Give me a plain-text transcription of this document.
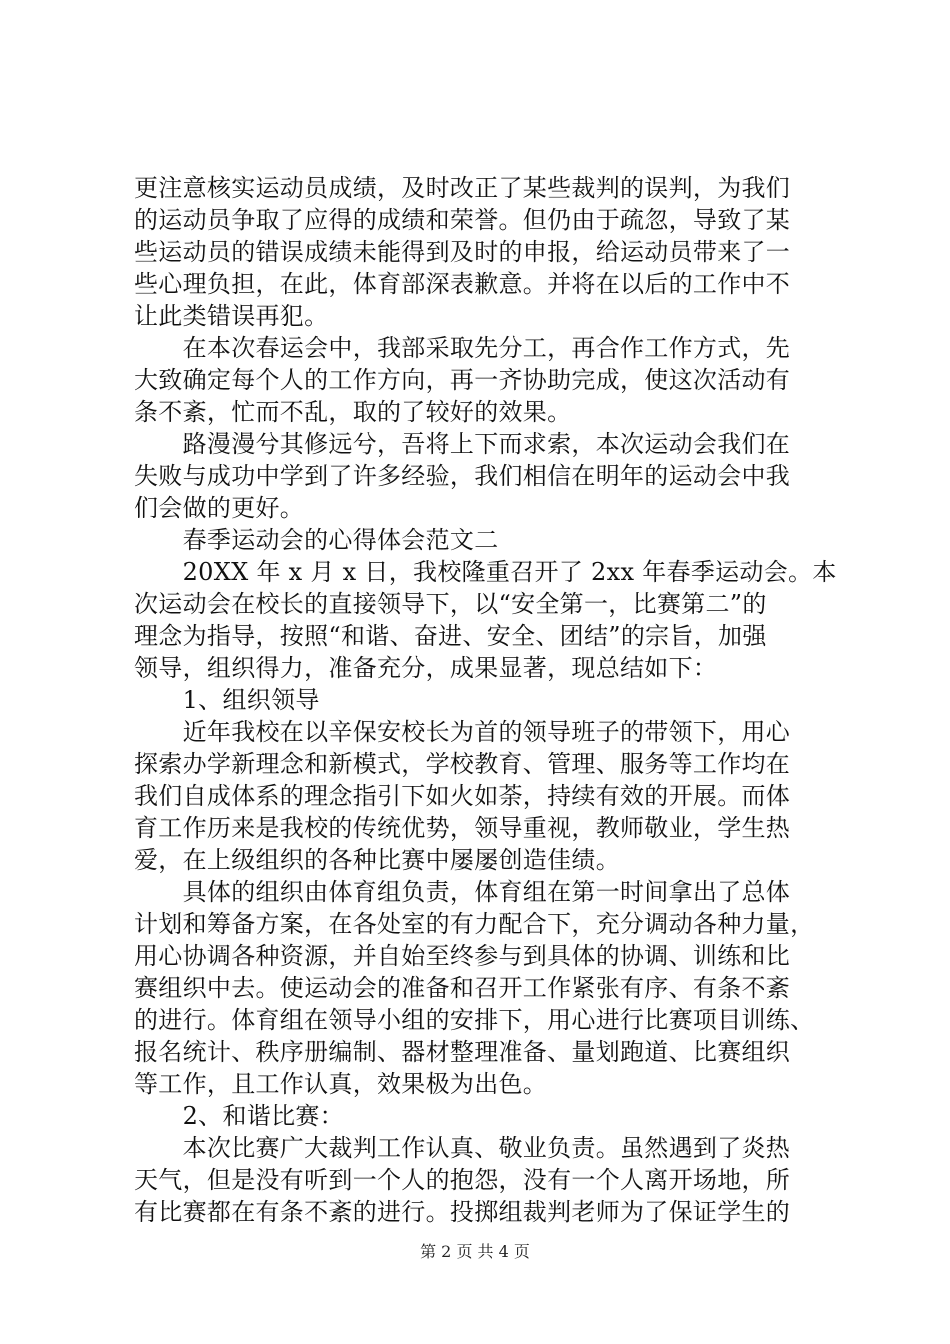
更注意核实运动员成绩，及时改正了某些裁判的误判，为我们
的运动员争取了应得的成绩和荣誉。但仍由于疏忽，导致了某
些运动员的错误成绩未能得到及时的申报，给运动员带来了一
些心理负担，在此，体育部深表歉意。并将在以后的工作中不
让此类错误再犯。
　　在本次春运会中，我部采取先分工，再合作工作方式，先
大致确定每个人的工作方向，再一齐协助完成，使这次活动有
条不紊，忙而不乱，取的了较好的效果。
　　路漫漫兮其修远兮，吾将上下而求索，本次运动会我们在
失败与成功中学到了许多经验，我们相信在明年的运动会中我
们会做的更好。
　　春季运动会的心得体会范文二
　　20XX 年 x 月 x 日，我校隆重召开了 2xx 年春季运动会。本
次运动会在校长的直接领导下，以“安全第一，比赛第二”的
理念为指导，按照“和谐、奋进、安全、团结”的宗旨，加强
领导，组织得力，准备充分，成果显著，现总结如下：
　　1、组织领导
　　近年我校在以辛保安校长为首的领导班子的带领下，用心
探索办学新理念和新模式，学校教育、管理、服务等工作均在
我们自成体系的理念指引下如火如荼，持续有效的开展。而体
育工作历来是我校的传统优势，领导重视，教师敬业，学生热
爱，在上级组织的各种比赛中屡屡创造佳绩。
　　具体的组织由体育组负责，体育组在第一时间拿出了总体
计划和筹备方案，在各处室的有力配合下，充分调动各种力量，
用心协调各种资源，并自始至终参与到具体的协调、训练和比
赛组织中去。使运动会的准备和召开工作紧张有序、有条不紊
的进行。体育组在领导小组的安排下，用心进行比赛项目训练、
报名统计、秩序册编制、器材整理准备、量划跑道、比赛组织
等工作，且工作认真，效果极为出色。
　　2、和谐比赛：
　　本次比赛广大裁判工作认真、敬业负责。虽然遇到了炎热
天气，但是没有听到一个人的抱怨，没有一个人离开场地，所
有比赛都在有条不紊的进行。投掷组裁判老师为了保证学生的
第 2 页 共 4 页
